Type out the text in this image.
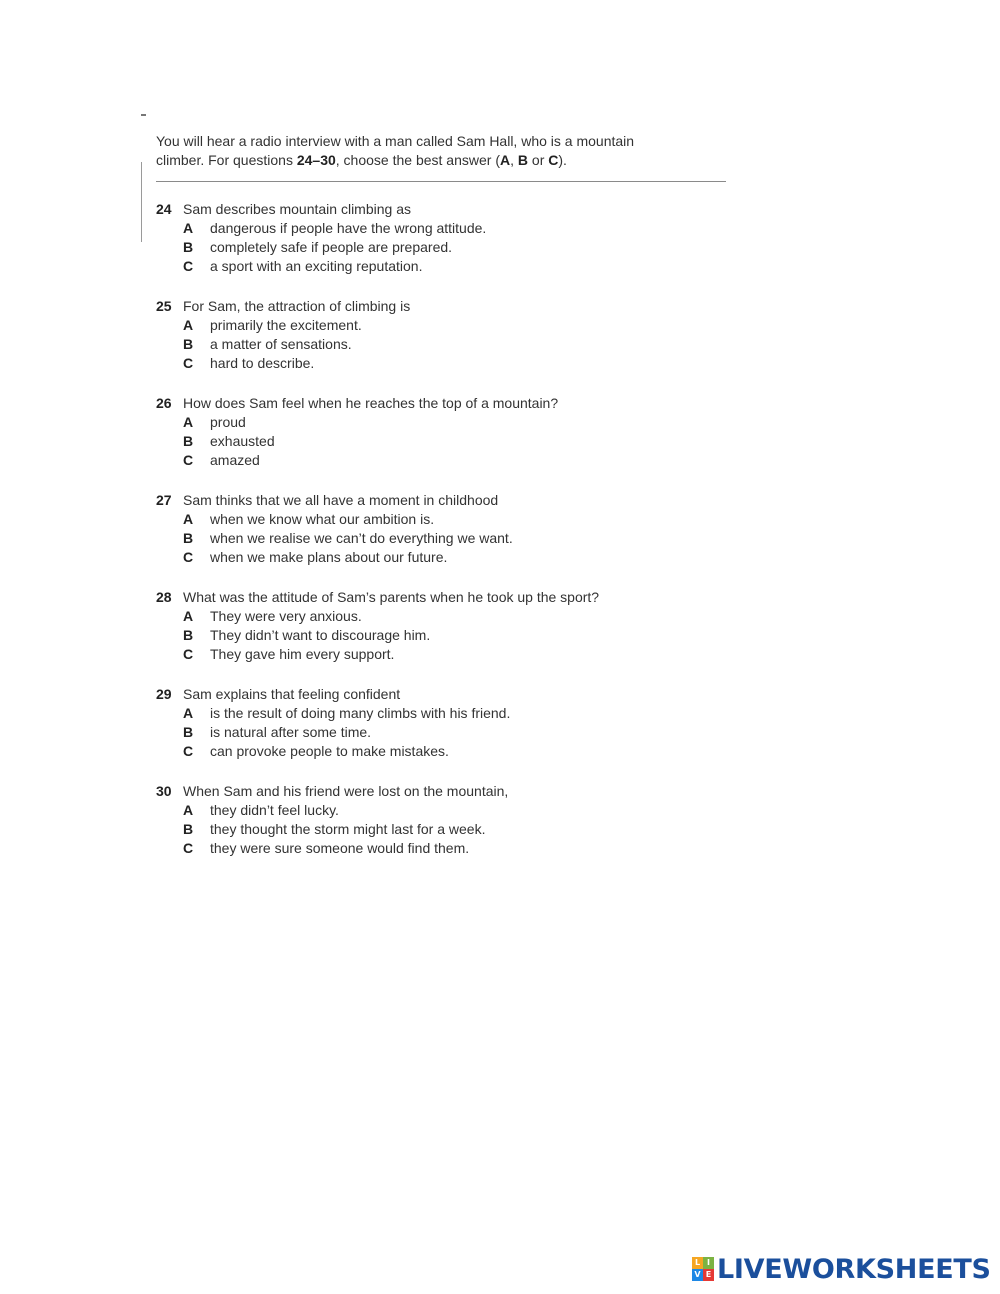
You will hear a radio interview with a man called Sam Hall, who is a mountain
climber. For questions 24–30, choose the best answer (A, B or C).
24 Sam describes mountain climbing as
A	dangerous if people have the wrong attitude.
B	completely safe if people are prepared.
C	a sport with an exciting reputation.
25 For Sam, the attraction of climbing is
A	primarily the excitement.
B	a matter of sensations.
C	hard to describe.
26 How does Sam feel when he reaches the top of a mountain?
A	proud
B	exhausted
C	amazed
27 Sam thinks that we all have a moment in childhood
A	when we know what our ambition is.
B	when we realise we can’t do everything we want.
C	when we make plans about our future.
28 What was the attitude of Sam’s parents when he took up the sport?
A	They were very anxious.
B	They didn’t want to discourage him.
C	They gave him every support.
29 Sam explains that feeling confident
A	is the result of doing many climbs with his friend.
B	is natural after some time.
C	can provoke people to make mistakes.
30 When Sam and his friend were lost on the mountain,
A	they didn’t feel lucky.
B	they thought the storm might last for a week.
C	they were sure someone would find them.
L I
V E LIVEWORKSHEETS
